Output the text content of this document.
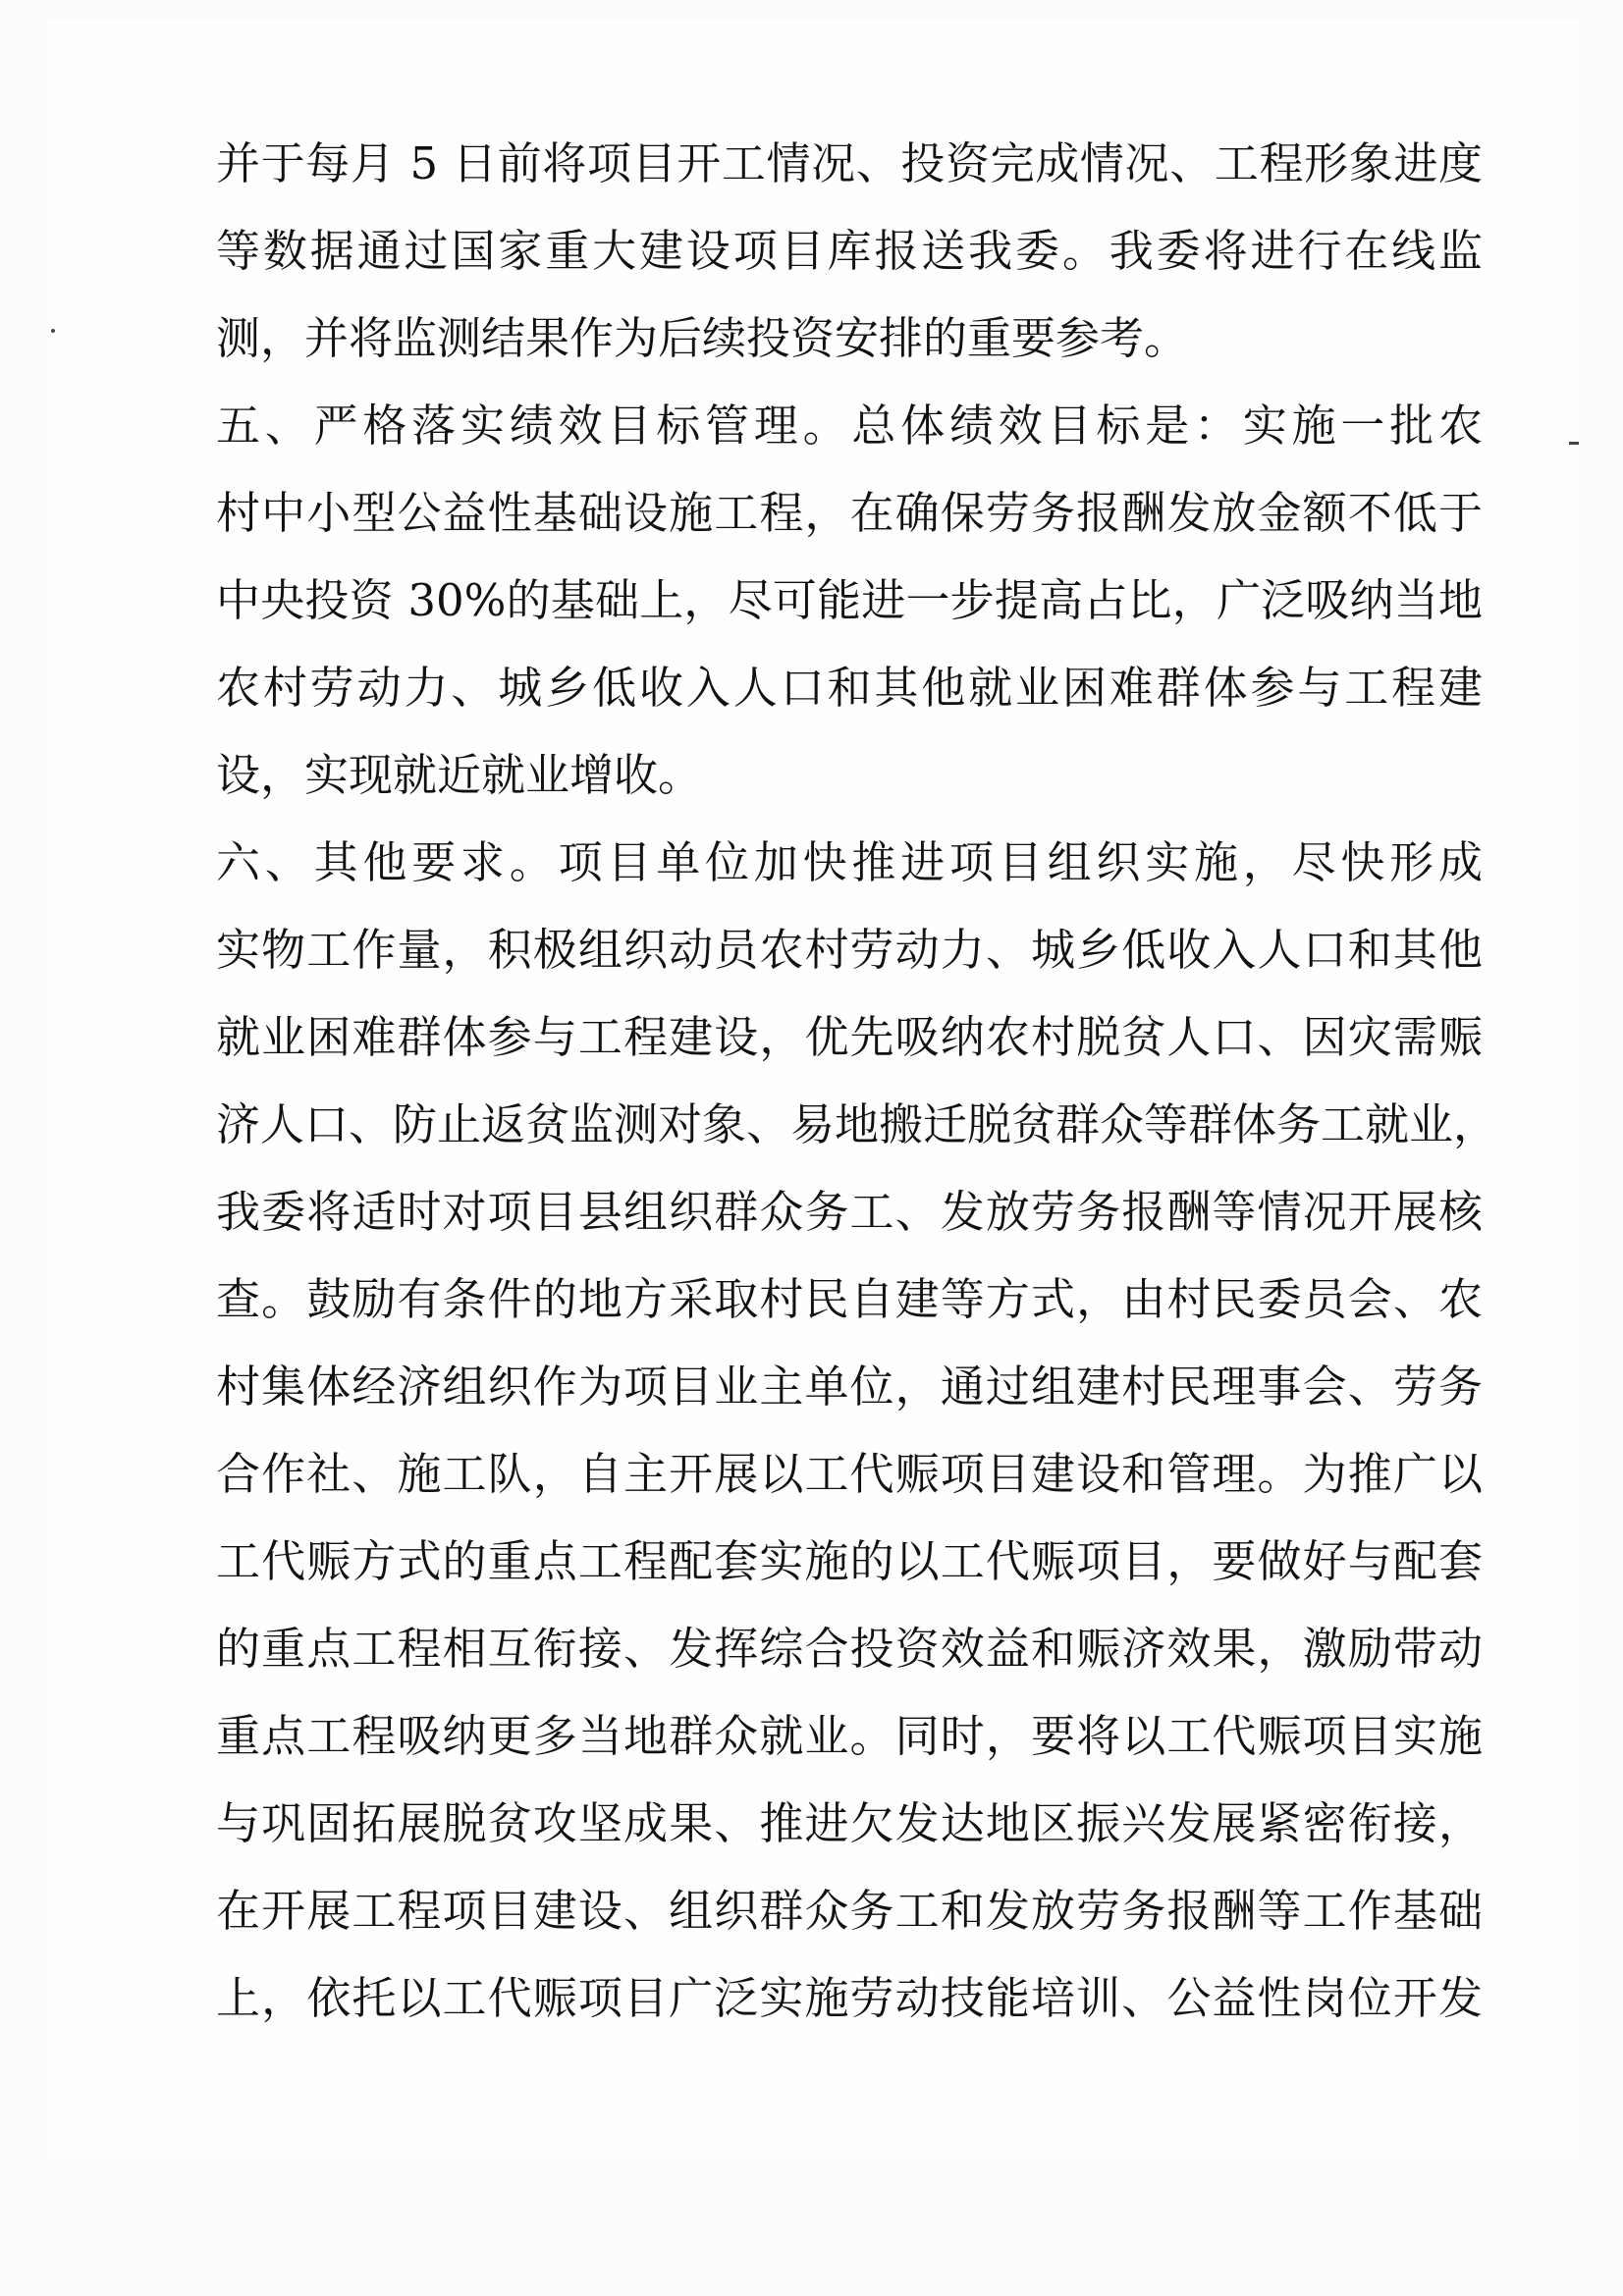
并于每月 5 日前将项目开工情况、投资完成情况、工程形象进度
等数据通过国家重大建设项目库报送我委。我委将进行在线监
测，并将监测结果作为后续投资安排的重要参考。
五、严格落实绩效目标管理。总体绩效目标是：实施一批农
村中小型公益性基础设施工程，在确保劳务报酬发放金额不低于
中央投资 30%的基础上，尽可能进一步提高占比，广泛吸纳当地
农村劳动力、城乡低收入人口和其他就业困难群体参与工程建
设，实现就近就业增收。
六、其他要求。项目单位加快推进项目组织实施，尽快形成
实物工作量，积极组织动员农村劳动力、城乡低收入人口和其他
就业困难群体参与工程建设，优先吸纳农村脱贫人口、因灾需赈
济人口、防止返贫监测对象、易地搬迁脱贫群众等群体务工就业，
我委将适时对项目县组织群众务工、发放劳务报酬等情况开展核
查。鼓励有条件的地方采取村民自建等方式，由村民委员会、农
村集体经济组织作为项目业主单位，通过组建村民理事会、劳务
合作社、施工队，自主开展以工代赈项目建设和管理。为推广以
工代赈方式的重点工程配套实施的以工代赈项目，要做好与配套
的重点工程相互衔接、发挥综合投资效益和赈济效果，激励带动
重点工程吸纳更多当地群众就业。同时，要将以工代赈项目实施
与巩固拓展脱贫攻坚成果、推进欠发达地区振兴发展紧密衔接，
在开展工程项目建设、组织群众务工和发放劳务报酬等工作基础
上，依托以工代赈项目广泛实施劳动技能培训、公益性岗位开发
